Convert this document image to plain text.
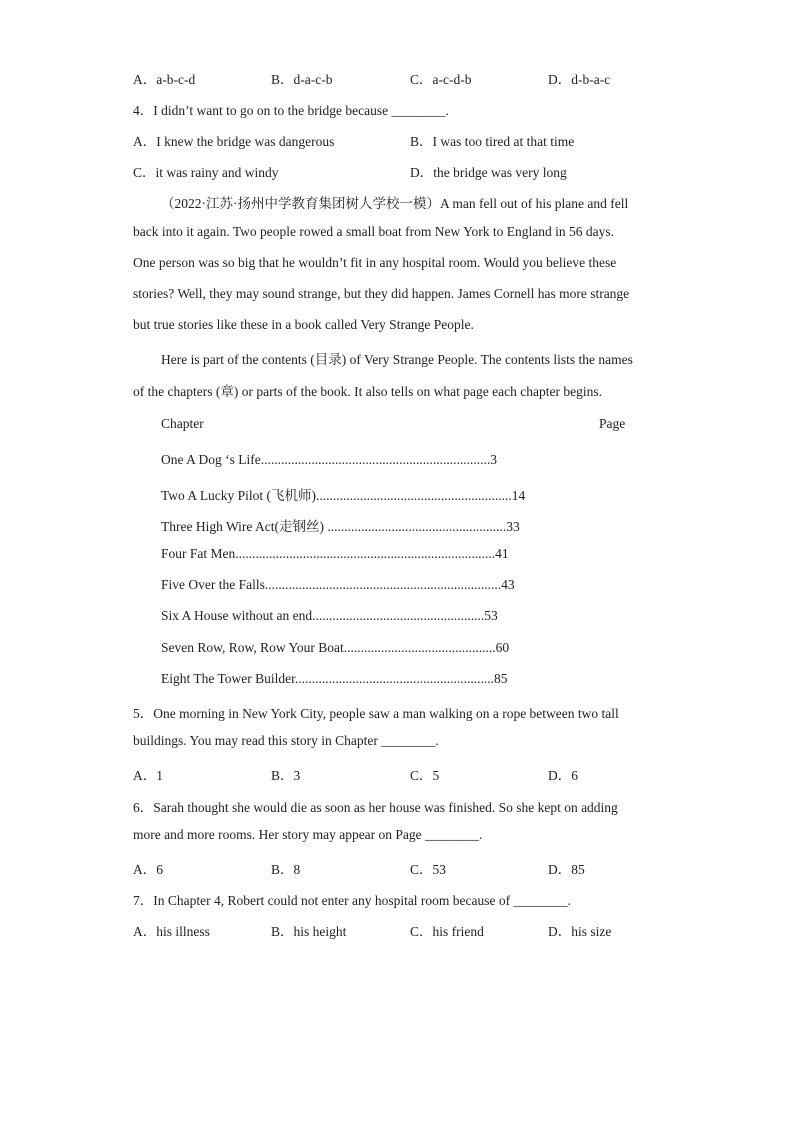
A．a-b-c-d	B．d-a-c-b	C．a-c-d-b	D．d-b-a-c
4．I didn’t want to go on to the bridge because ________.
A．I knew the bridge was dangerous	B．I was too tired at that time
C．it was rainy and windy	D．the bridge was very long
（2022·江苏·扬州中学教育集团树人学校一模）A man fell out of his plane and fell
back into it again. Two people rowed a small boat from New York to England in 56 days.
One person was so big that he wouldn’t fit in any hospital room. Would you believe these
stories? Well, they may sound strange, but they did happen. James Cornell has more strange
but true stories like these in a book called Very Strange People.
Here is part of the contents (目录) of Very Strange People. The contents lists the names
of the chapters (章) or parts of the book. It also tells on what page each chapter begins.
Chapter	Page
One A Dog ‘s Life....................................................................3
Two A Lucky Pilot (飞机师)..........................................................14
Three High Wire Act(走钢丝) .....................................................33
Four Fat Men.............................................................................41
Five Over the Falls......................................................................43
Six A House without an end...................................................53
Seven Row, Row, Row Your Boat.............................................60
Eight The Tower Builder...........................................................85
5．One morning in New York City, people saw a man walking on a rope between two tall
buildings. You may read this story in Chapter ________.
A．1	B．3	C．5	D．6
6．Sarah thought she would die as soon as her house was finished. So she kept on adding
more and more rooms. Her story may appear on Page ________.
A．6	B．8	C．53	D．85
7．In Chapter 4, Robert could not enter any hospital room because of ________.
A．his illness	B．his height	C．his friend	D．his size
